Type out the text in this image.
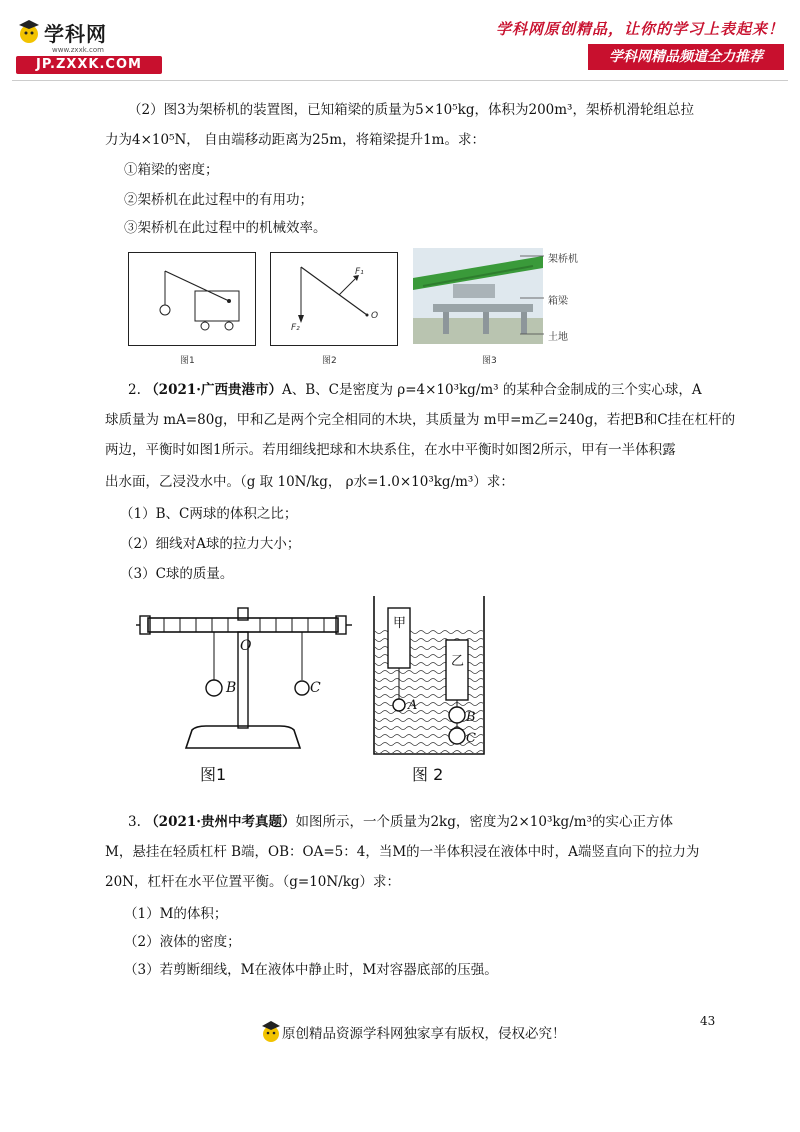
学科网
www.zxxk.com
JP.ZXXK.COM
学科网原创精品，让你的学习上表起来！
学科网精品频道全力推荐
（2）图3为架桥机的装置图，已知箱梁的质量为5×10⁵kg，体积为200m³，架桥机滑轮组总拉
力为4×10⁵N， 自由端移动距离为25m，将箱梁提升1m。求：
①箱梁的密度；
②架桥机在此过程中的有用功；
③架桥机在此过程中的机械效率。
图1
F₁
F₂
O
图2
架桥机
箱梁
土地
图3
2. （2021·广西贵港市）A、B、C是密度为 ρ=4×10³kg/m³ 的某种合金制成的三个实心球，A
球质量为 mA=80g，甲和乙是两个完全相同的木块，其质量为 m甲=m乙=240g，若把B和C挂在杠杆的
两边，平衡时如图1所示。若用细线把球和木块系住，在水中平衡时如图2所示，甲有一半体积露
出水面，乙浸没水中。（g 取 10N/kg， ρ水=1.0×10³kg/m³）求：
（1）B、C两球的体积之比；
（2）细线对A球的拉力大小；
（3）C球的质量。
O
B	C
图1
甲
乙
A
B
C
图 2
3. （2021·贵州中考真题）如图所示，一个质量为2kg，密度为2×10³kg/m³的实心正方体
M，悬挂在轻质杠杆 B端，OB：OA=5：4，当M的一半体积浸在液体中时，A端竖直向下的拉力为
20N，杠杆在水平位置平衡。（g=10N/kg）求：
（1）M的体积；
（2）液体的密度；
（3）若剪断细线，M在液体中静止时，M对容器底部的压强。
43
原创精品资源学科网独家享有版权，侵权必究！
